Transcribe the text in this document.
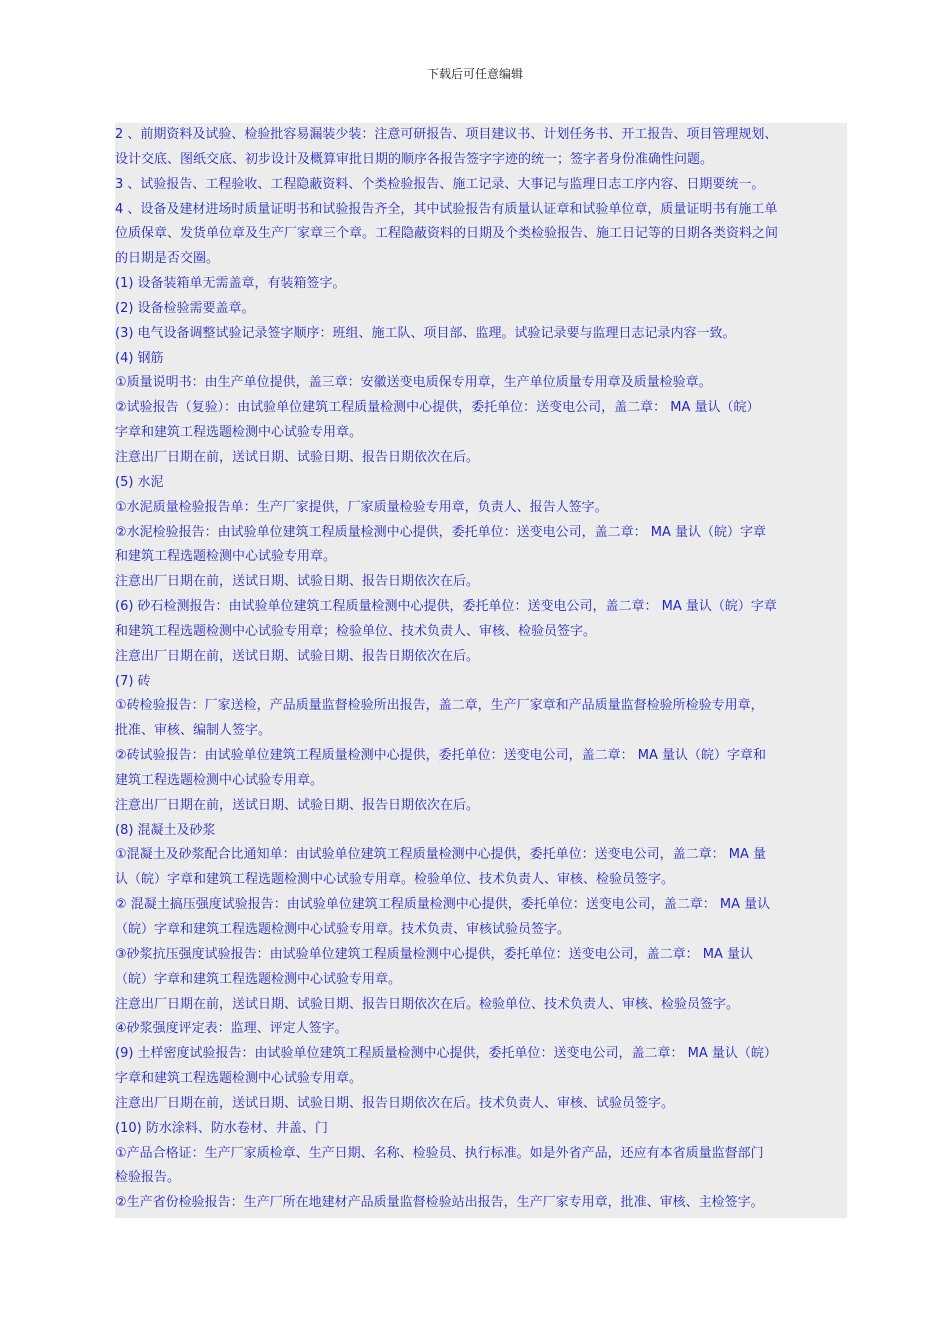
下载后可任意编辑
2 、前期资料及试验、检验批容易漏装少装：注意可研报告、项目建议书、计划任务书、开工报告、项目管理规划、
设计交底、图纸交底、初步设计及概算审批日期的顺序各报告签字字迹的统一；签字者身份准确性问题。
3 、试验报告、工程验收、工程隐蔽资料、个类检验报告、施工记录、大事记与监理日志工序内容、日期要统一。
4 、设备及建材进场时质量证明书和试验报告齐全，其中试验报告有质量认证章和试验单位章，质量证明书有施工单
位质保章、发货单位章及生产厂家章三个章。工程隐蔽资料的日期及个类检验报告、施工日记等的日期各类资料之间
的日期是否交圈。
(1) 设备装箱单无需盖章，有装箱签字。
(2) 设备检验需要盖章。
(3) 电气设备调整试验记录签字顺序：班组、施工队、项目部、监理。试验记录要与监理日志记录内容一致。
(4) 钢筋
①质量说明书：由生产单位提供，盖三章：安徽送变电质保专用章，生产单位质量专用章及质量检验章。
②试验报告（复验）：由试验单位建筑工程质量检测中心提供，委托单位：送变电公司，盖二章： MA 量认（皖）
字章和建筑工程选题检测中心试验专用章。
注意出厂日期在前，送试日期、试验日期、报告日期依次在后。
(5) 水泥
①水泥质量检验报告单：生产厂家提供，厂家质量检验专用章，负责人、报告人签字。
②水泥检验报告：由试验单位建筑工程质量检测中心提供，委托单位：送变电公司，盖二章： MA 量认（皖）字章
和建筑工程选题检测中心试验专用章。
注意出厂日期在前，送试日期、试验日期、报告日期依次在后。
(6) 砂石检测报告：由试验单位建筑工程质量检测中心提供，委托单位：送变电公司，盖二章： MA 量认（皖）字章
和建筑工程选题检测中心试验专用章；检验单位、技术负责人、审核、检验员签字。
注意出厂日期在前，送试日期、试验日期、报告日期依次在后。
(7) 砖
①砖检验报告：厂家送检，产品质量监督检验所出报告，盖二章，生产厂家章和产品质量监督检验所检验专用章，
批准、审核、编制人签字。
②砖试验报告：由试验单位建筑工程质量检测中心提供，委托单位：送变电公司，盖二章： MA 量认（皖）字章和
建筑工程选题检测中心试验专用章。
注意出厂日期在前，送试日期、试验日期、报告日期依次在后。
(8) 混凝土及砂浆
①混凝土及砂浆配合比通知单：由试验单位建筑工程质量检测中心提供，委托单位：送变电公司，盖二章： MA 量
认（皖）字章和建筑工程选题检测中心试验专用章。检验单位、技术负责人、审核、检验员签字。
② 混凝土搞压强度试验报告：由试验单位建筑工程质量检测中心提供，委托单位：送变电公司，盖二章： MA 量认
（皖）字章和建筑工程选题检测中心试验专用章。技术负责、审核试验员签字。
③砂浆抗压强度试验报告：由试验单位建筑工程质量检测中心提供，委托单位：送变电公司，盖二章： MA 量认
（皖）字章和建筑工程选题检测中心试验专用章。
注意出厂日期在前，送试日期、试验日期、报告日期依次在后。检验单位、技术负责人、审核、检验员签字。
④砂浆强度评定表：监理、评定人签字。
(9) 土样密度试验报告：由试验单位建筑工程质量检测中心提供，委托单位：送变电公司，盖二章： MA 量认（皖）
字章和建筑工程选题检测中心试验专用章。
注意出厂日期在前，送试日期、试验日期、报告日期依次在后。技术负责人、审核、试验员签字。
(10) 防水涂料、防水卷材、井盖、门
①产品合格证：生产厂家质检章、生产日期、名称、检验员、执行标准。如是外省产品，还应有本省质量监督部门
检验报告。
②生产省份检验报告：生产厂所在地建材产品质量监督检验站出报告，生产厂家专用章，批准、审核、主检签字。
